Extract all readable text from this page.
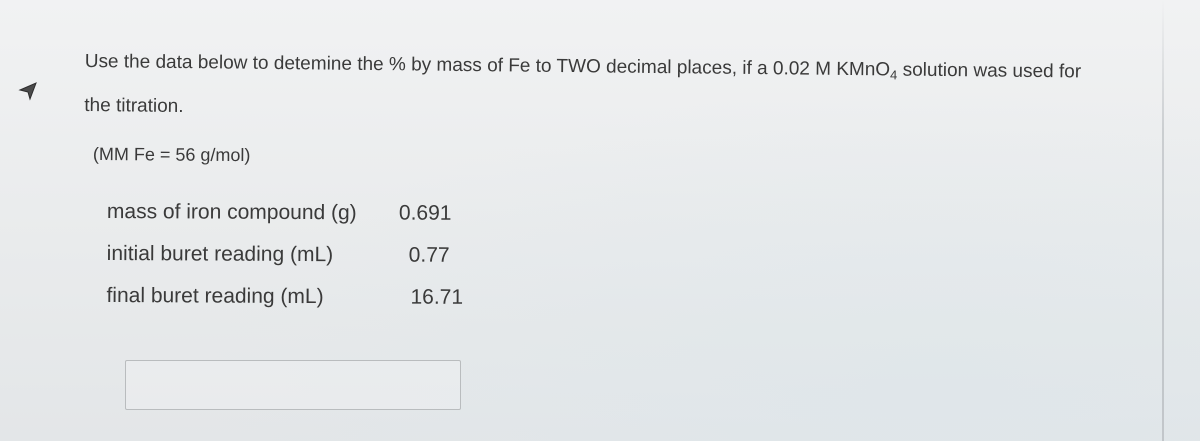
Use the data below to detemine the % by mass of Fe to TWO decimal places, if a 0.02 M KMnO$_4$ solution was used for
the titration.
(MM Fe = 56 g/mol)
mass of iron compound (g) 0.691
initial buret reading (mL)	0.77
final buret reading (mL)	16.71
